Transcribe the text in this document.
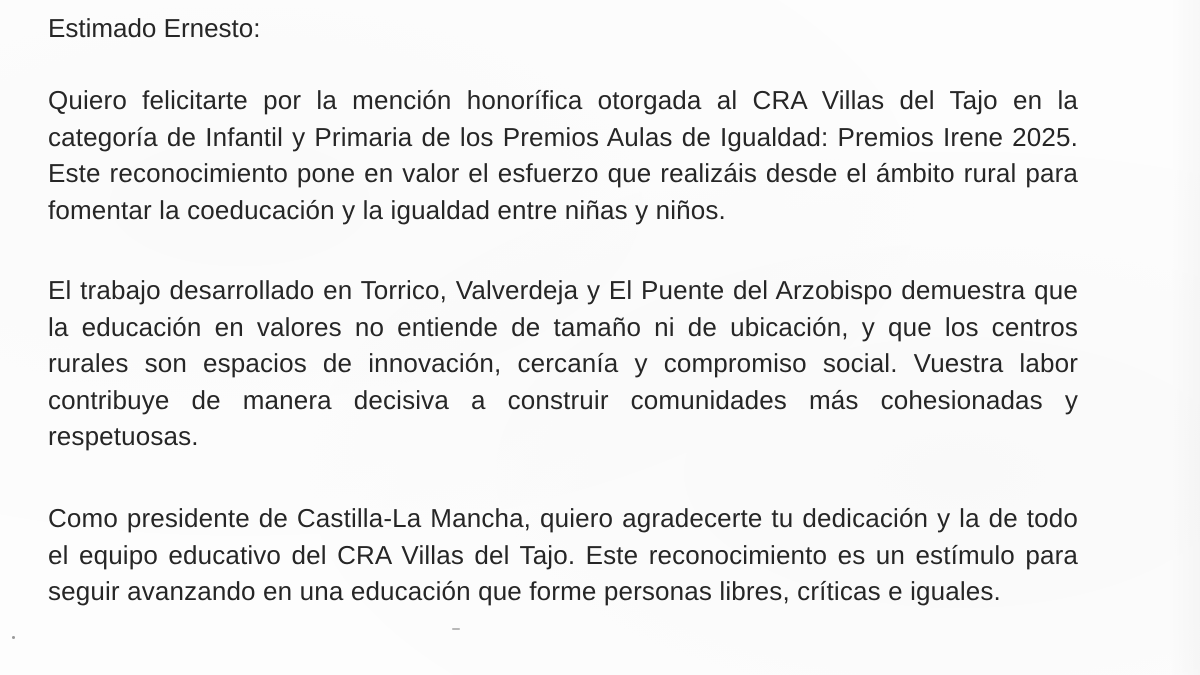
Estimado Ernesto:

Quiero felicitarte por la mención honorífica otorgada al CRA Villas del Tajo en la categoría de Infantil y Primaria de los Premios Aulas de Igualdad: Premios Irene 2025. Este reconocimiento pone en valor el esfuerzo que realizáis desde el ámbito rural para fomentar la coeducación y la igualdad entre niñas y niños.

El trabajo desarrollado en Torrico, Valverdeja y El Puente del Arzobispo demuestra que la educación en valores no entiende de tamaño ni de ubicación, y que los centros rurales son espacios de innovación, cercanía y compromiso social. Vuestra labor contribuye de manera decisiva a construir comunidades más cohesionadas y respetuosas.

Como presidente de Castilla-La Mancha, quiero agradecerte tu dedicación y la de todo el equipo educativo del CRA Villas del Tajo. Este reconocimiento es un estímulo para seguir avanzando en una educación que forme personas libres, críticas e iguales.
